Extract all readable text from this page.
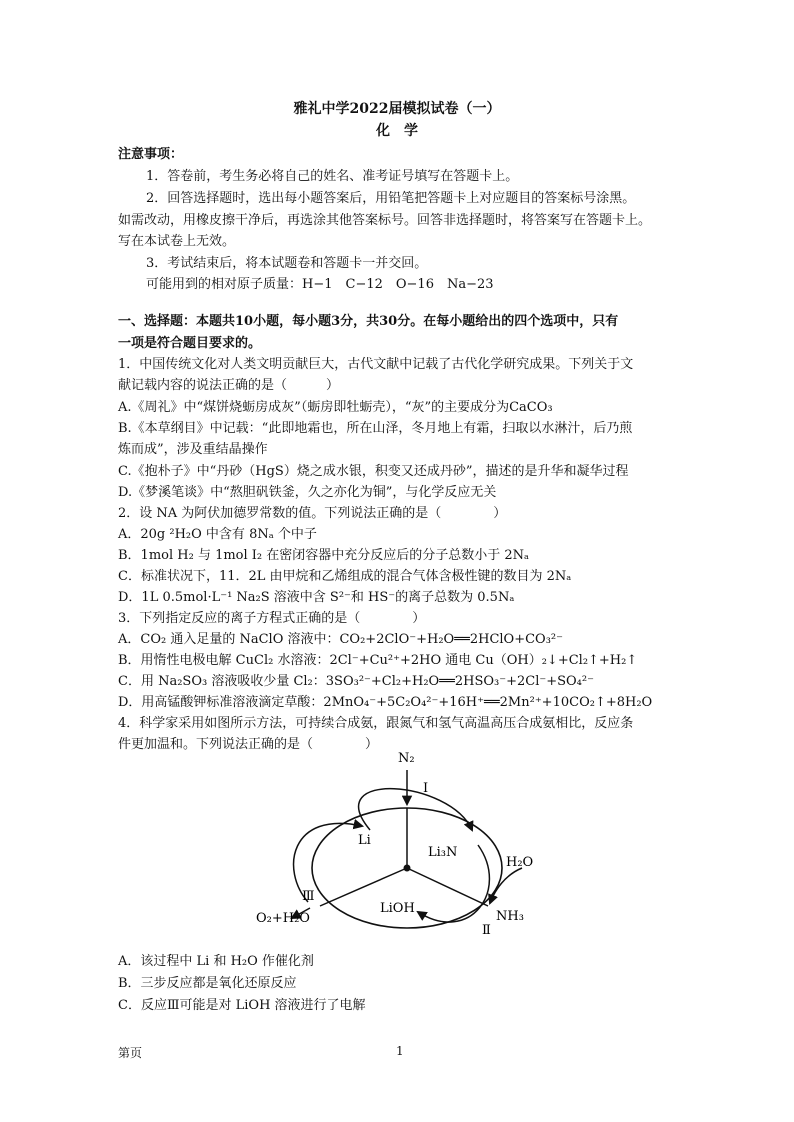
雅礼中学2022届模拟试卷（一）
化　学
注意事项：
1．答卷前，考生务必将自己的姓名、准考证号填写在答题卡上。
2．回答选择题时，选出每小题答案后，用铅笔把答题卡上对应题目的答案标号涂黑。
如需改动，用橡皮擦干净后，再选涂其他答案标号。回答非选择题时，将答案写在答题卡上。
写在本试卷上无效。
3．考试结束后，将本试题卷和答题卡一并交回。
可能用到的相对原子质量：H−1　C−12　O−16　Na−23
一、选择题：本题共10小题，每小题3分，共30分。在每小题给出的四个选项中，只有
一项是符合题目要求的。
1．中国传统文化对人类文明贡献巨大，古代文献中记载了古代化学研究成果。下列关于文
献记载内容的说法正确的是（　　　）
A.《周礼》中“煤饼烧蛎房成灰”（蛎房即牡蛎壳），“灰”的主要成分为CaCO₃
B.《本草纲目》中记载：“此即地霜也，所在山泽，冬月地上有霜，扫取以水淋汁，后乃煎
炼而成”，涉及重结晶操作
C.《抱朴子》中“丹砂（HgS）烧之成水银，积变又还成丹砂”，描述的是升华和凝华过程
D.《梦溪笔谈》中“熬胆矾铁釜，久之亦化为铜”，与化学反应无关
2．设 NA 为阿伏加德罗常数的值。下列说法正确的是（　　　　）
A．20g ²H₂O 中含有 8Nₐ 个中子
B．1mol H₂ 与 1mol I₂ 在密闭容器中充分反应后的分子总数小于 2Nₐ
C．标准状况下，11．2L 由甲烷和乙烯组成的混合气体含极性键的数目为 2Nₐ
D．1L 0.5mol·L⁻¹ Na₂S 溶液中含 S²⁻和 HS⁻的离子总数为 0.5Nₐ
3．下列指定反应的离子方程式正确的是（　　　　）
A．CO₂ 通入足量的 NaClO 溶液中：CO₂+2ClO⁻+H₂O══2HClO+CO₃²⁻
B．用惰性电极电解 CuCl₂ 水溶液：2Cl⁻+Cu²⁺+2HO 通电 Cu（OH）₂↓+Cl₂↑+H₂↑
C．用 Na₂SO₃ 溶液吸收少量 Cl₂：3SO₃²⁻+Cl₂+H₂O══2HSO₃⁻+2Cl⁻+SO₄²⁻
D．用高锰酸钾标准溶液滴定草酸：2MnO₄⁻+5C₂O₄²⁻+16H⁺══2Mn²⁺+10CO₂↑+8H₂O
4．科学家采用如图所示方法，可持续合成氨，跟氮气和氢气高温高压合成氨相比，反应条
件更加温和。下列说法正确的是（　　　　）
N₂
Ⅰ
Li
Li₃N
H₂O
Ⅲ
O₂+H₂O
LiOH
NH₃
Ⅱ
A．该过程中 Li 和 H₂O 作催化剂
B．三步反应都是氧化还原反应
C．反应Ⅲ可能是对 LiOH 溶液进行了电解
第页	1
